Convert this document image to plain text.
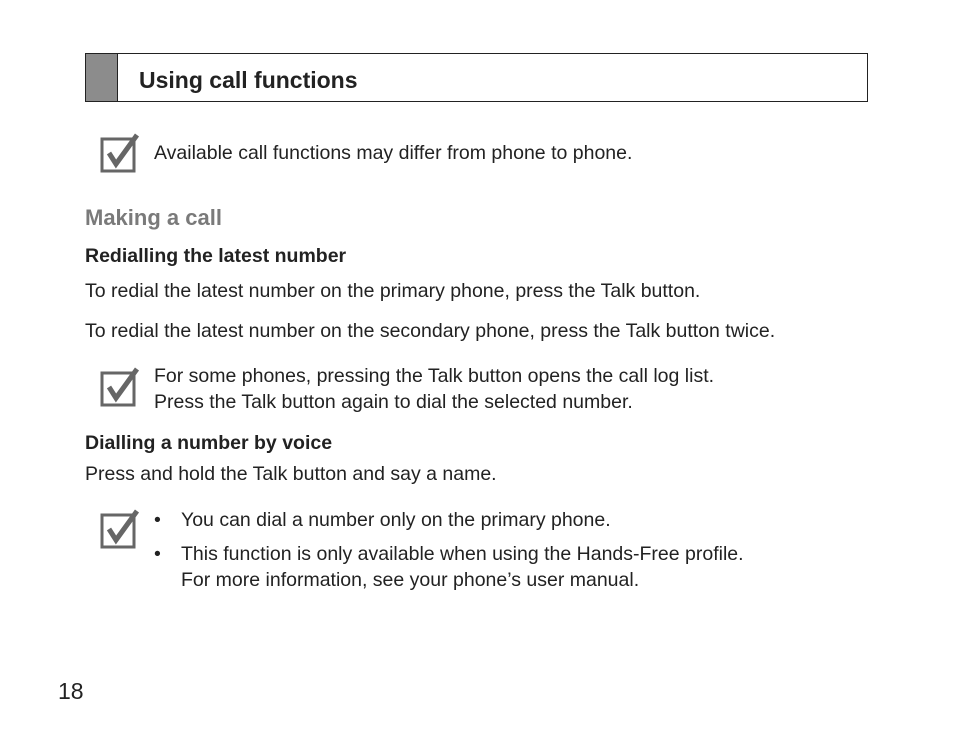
Using call functions
Available call functions may differ from phone to phone.
Making a call
Redialling the latest number
To redial the latest number on the primary phone, press the Talk button.
To redial the latest number on the secondary phone, press the Talk button twice.
For some phones, pressing the Talk button opens the call log list.
Press the Talk button again to dial the selected number.
Dialling a number by voice
Press and hold the Talk button and say a name.
• You can dial a number only on the primary phone.
• This function is only available when using the Hands-Free profile.
For more information, see your phone’s user manual.
18
